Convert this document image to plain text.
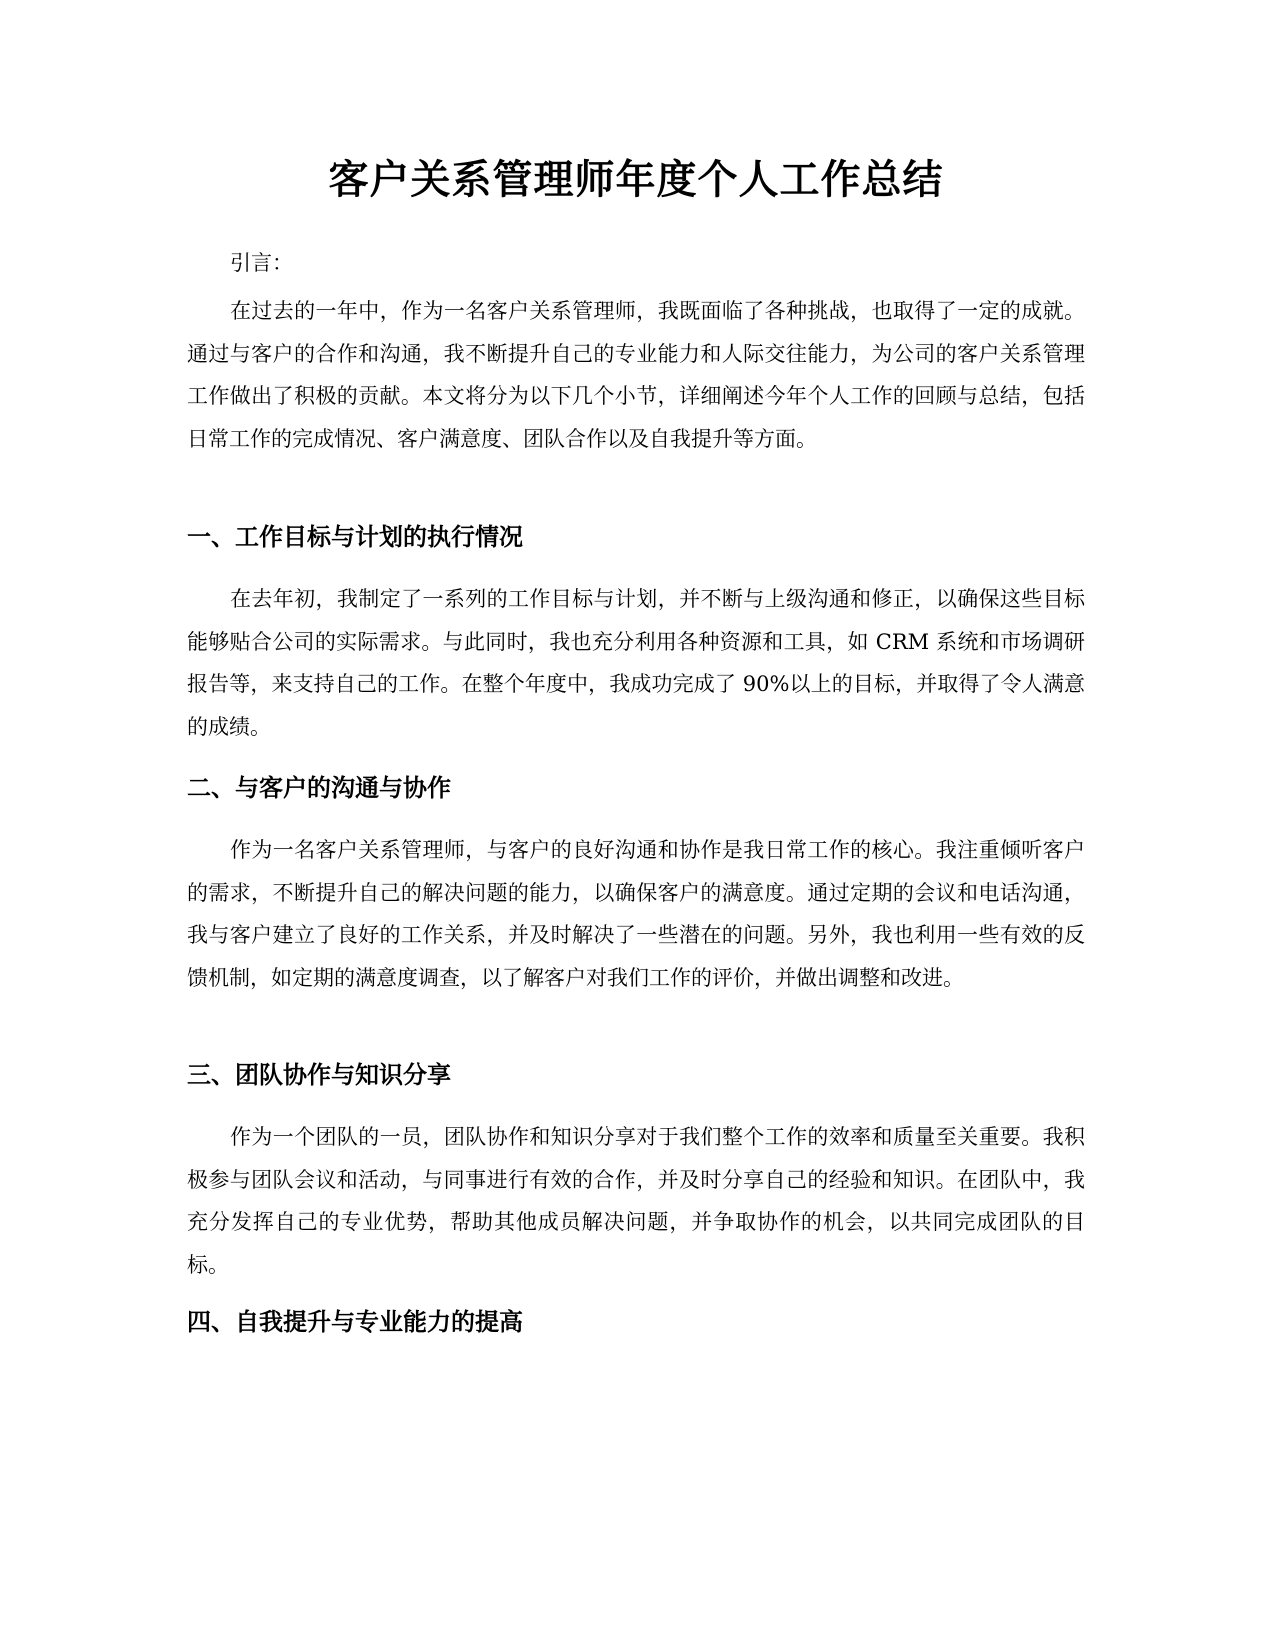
客户关系管理师年度个人工作总结

引言：

在过去的一年中，作为一名客户关系管理师，我既面临了各种挑战，也取得了一定的成就。通过与客户的合作和沟通，我不断提升自己的专业能力和人际交往能力，为公司的客户关系管理工作做出了积极的贡献。本文将分为以下几个小节，详细阐述今年个人工作的回顾与总结，包括日常工作的完成情况、客户满意度、团队合作以及自我提升等方面。

一、工作目标与计划的执行情况

在去年初，我制定了一系列的工作目标与计划，并不断与上级沟通和修正，以确保这些目标能够贴合公司的实际需求。与此同时，我也充分利用各种资源和工具，如 CRM 系统和市场调研报告等，来支持自己的工作。在整个年度中，我成功完成了 90%以上的目标，并取得了令人满意的成绩。

二、与客户的沟通与协作

作为一名客户关系管理师，与客户的良好沟通和协作是我日常工作的核心。我注重倾听客户的需求，不断提升自己的解决问题的能力，以确保客户的满意度。通过定期的会议和电话沟通，我与客户建立了良好的工作关系，并及时解决了一些潜在的问题。另外，我也利用一些有效的反馈机制，如定期的满意度调查，以了解客户对我们工作的评价，并做出调整和改进。

三、团队协作与知识分享

作为一个团队的一员，团队协作和知识分享对于我们整个工作的效率和质量至关重要。我积极参与团队会议和活动，与同事进行有效的合作，并及时分享自己的经验和知识。在团队中，我充分发挥自己的专业优势，帮助其他成员解决问题，并争取协作的机会，以共同完成团队的目标。

四、自我提升与专业能力的提高
